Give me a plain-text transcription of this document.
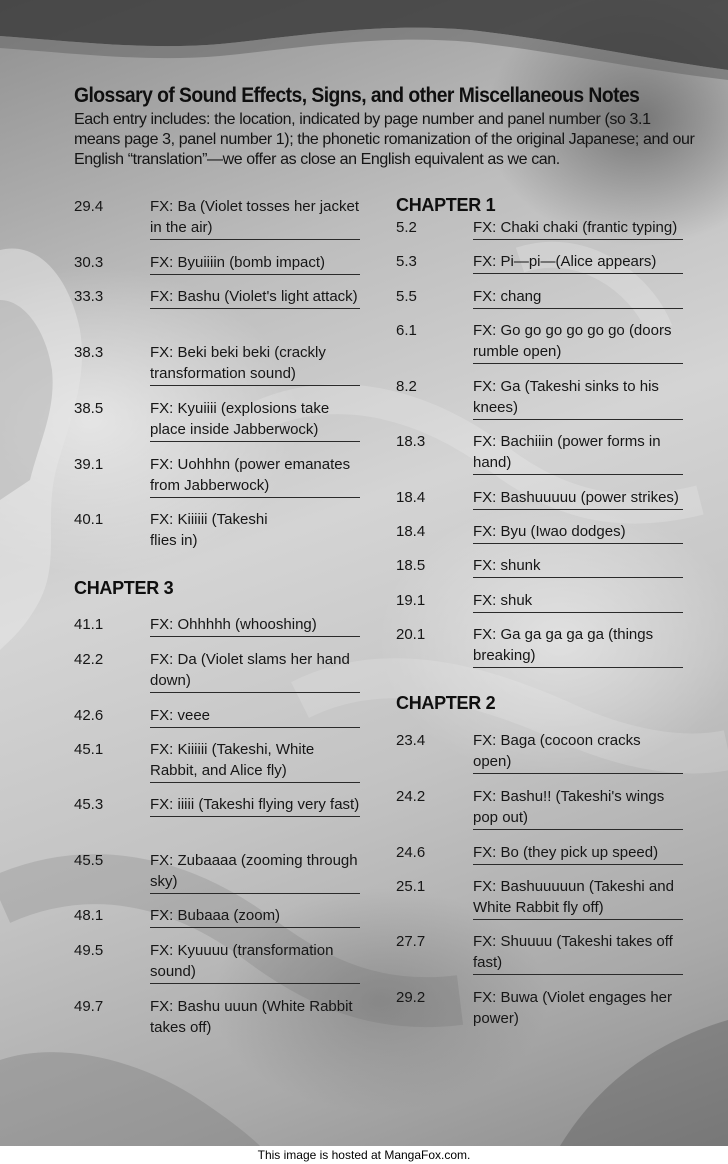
Glossary of Sound Effects, Signs, and other Miscellaneous Notes

Each entry includes: the location, indicated by page number and panel number (so 3.1 means page 3, panel number 1); the phonetic romanization of the original Japanese; and our English “translation”—we offer as close an English equivalent as we can.

29.4	FX: Ba (Violet tosses her jacket in the air)
30.3	FX: Byuiiiin (bomb impact)
33.3	FX: Bashu (Violet's light attack)
38.3	FX: Beki beki beki (crackly transformation sound)
38.5	FX: Kyuiiii (explosions take place inside Jabberwock)
39.1	FX: Uohhhn (power emanates from Jabberwock)
40.1	FX: Kiiiiii (Takeshi flies in)
CHAPTER 3
41.1	FX: Ohhhhh (whooshing)
42.2	FX: Da (Violet slams her hand down)
42.6	FX: veee
45.1	FX: Kiiiiii (Takeshi, White Rabbit, and Alice fly)
45.3	FX: iiiii (Takeshi flying very fast)
45.5	FX: Zubaaaa (zooming through sky)
48.1	FX: Bubaaa (zoom)
49.5	FX: Kyuuuu (transformation sound)
49.7	FX: Bashu uuun (White Rabbit takes off)
CHAPTER 1
5.2	FX: Chaki chaki (frantic typing)
5.3	FX: Pi—pi—(Alice appears)
5.5	FX: chang
6.1	FX: Go go go go go go (doors rumble open)
8.2	FX: Ga (Takeshi sinks to his knees)
18.3	FX: Bachiiin (power forms in hand)
18.4	FX: Bashuuuuu (power strikes)
18.4	FX: Byu (Iwao dodges)
18.5	FX: shunk
19.1	FX: shuk
20.1	FX: Ga ga ga ga ga (things breaking)
CHAPTER 2
23.4	FX: Baga (cocoon cracks open)
24.2	FX: Bashu!! (Takeshi's wings pop out)
24.6	FX: Bo (they pick up speed)
25.1	FX: Bashuuuuun (Takeshi and White Rabbit fly off)
27.7	FX: Shuuuu (Takeshi takes off fast)
29.2	FX: Buwa (Violet engages her power)
This image is hosted at MangaFox.com.
